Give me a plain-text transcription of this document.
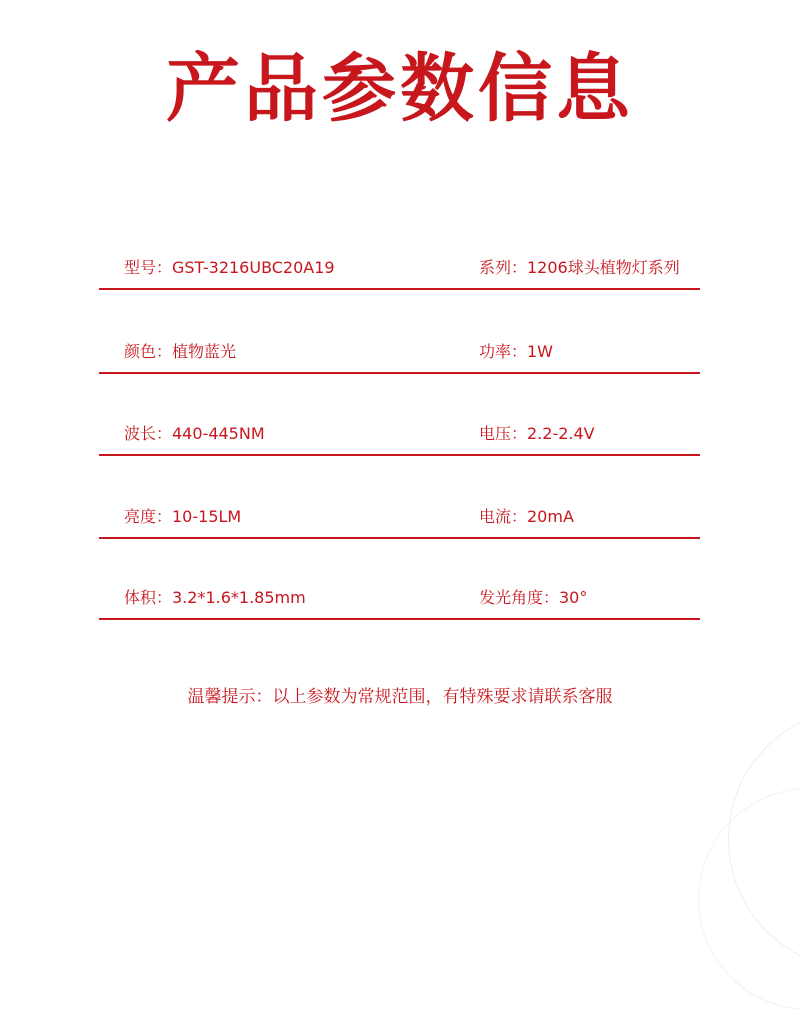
产品参数信息
型号：GST-3216UBC20A19	系列：1206球头植物灯系列
颜色：植物蓝光	功率：1W
波长：440-445NM	电压：2.2-2.4V
亮度：10-15LM	电流：20mA
体积：3.2*1.6*1.85mm	发光角度：30°
温馨提示：以上参数为常规范围，有特殊要求请联系客服
